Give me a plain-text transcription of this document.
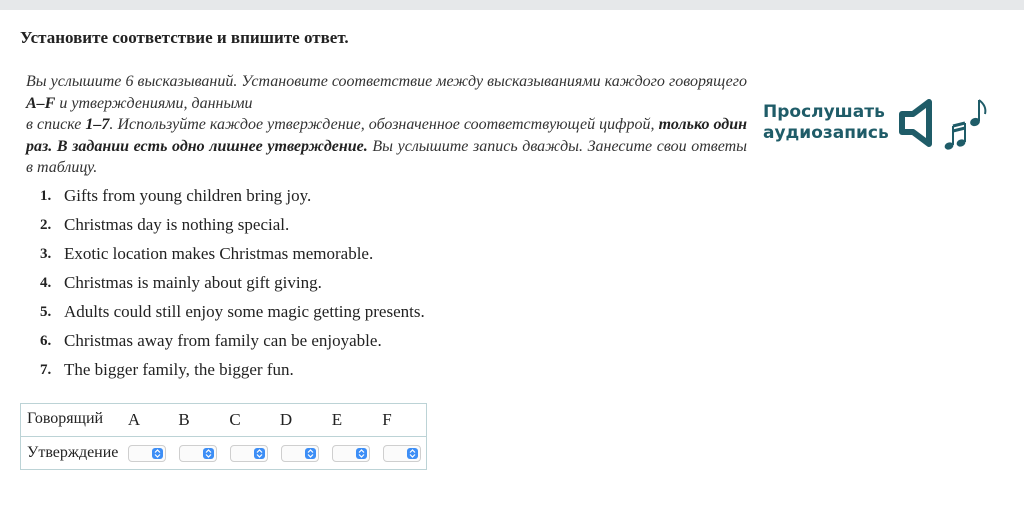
Установите соответствие и впишите ответ.
Вы услышите 6 высказываний. Установите соответствие между высказываниями каждого говорящего A–F и утверждениями, данными
в списке 1–7. Используйте каждое утверждение, обозначенное соответствующей цифрой, только один раз. В задании есть одно лишнее утверждение. Вы услышите запись дважды. Занесите свои ответы в таблицу.
Прослушать
аудиозапись
1. Gifts from young children bring joy.
2. Christmas day is nothing special.
3. Exotic location makes Christmas memorable.
4. Christmas is mainly about gift giving.
5. Adults could still enjoy some magic getting presents.
6. Christmas away from family can be enjoyable.
7. The bigger family, the bigger fun.
Говорящий A B C D E	F
Утверждение
